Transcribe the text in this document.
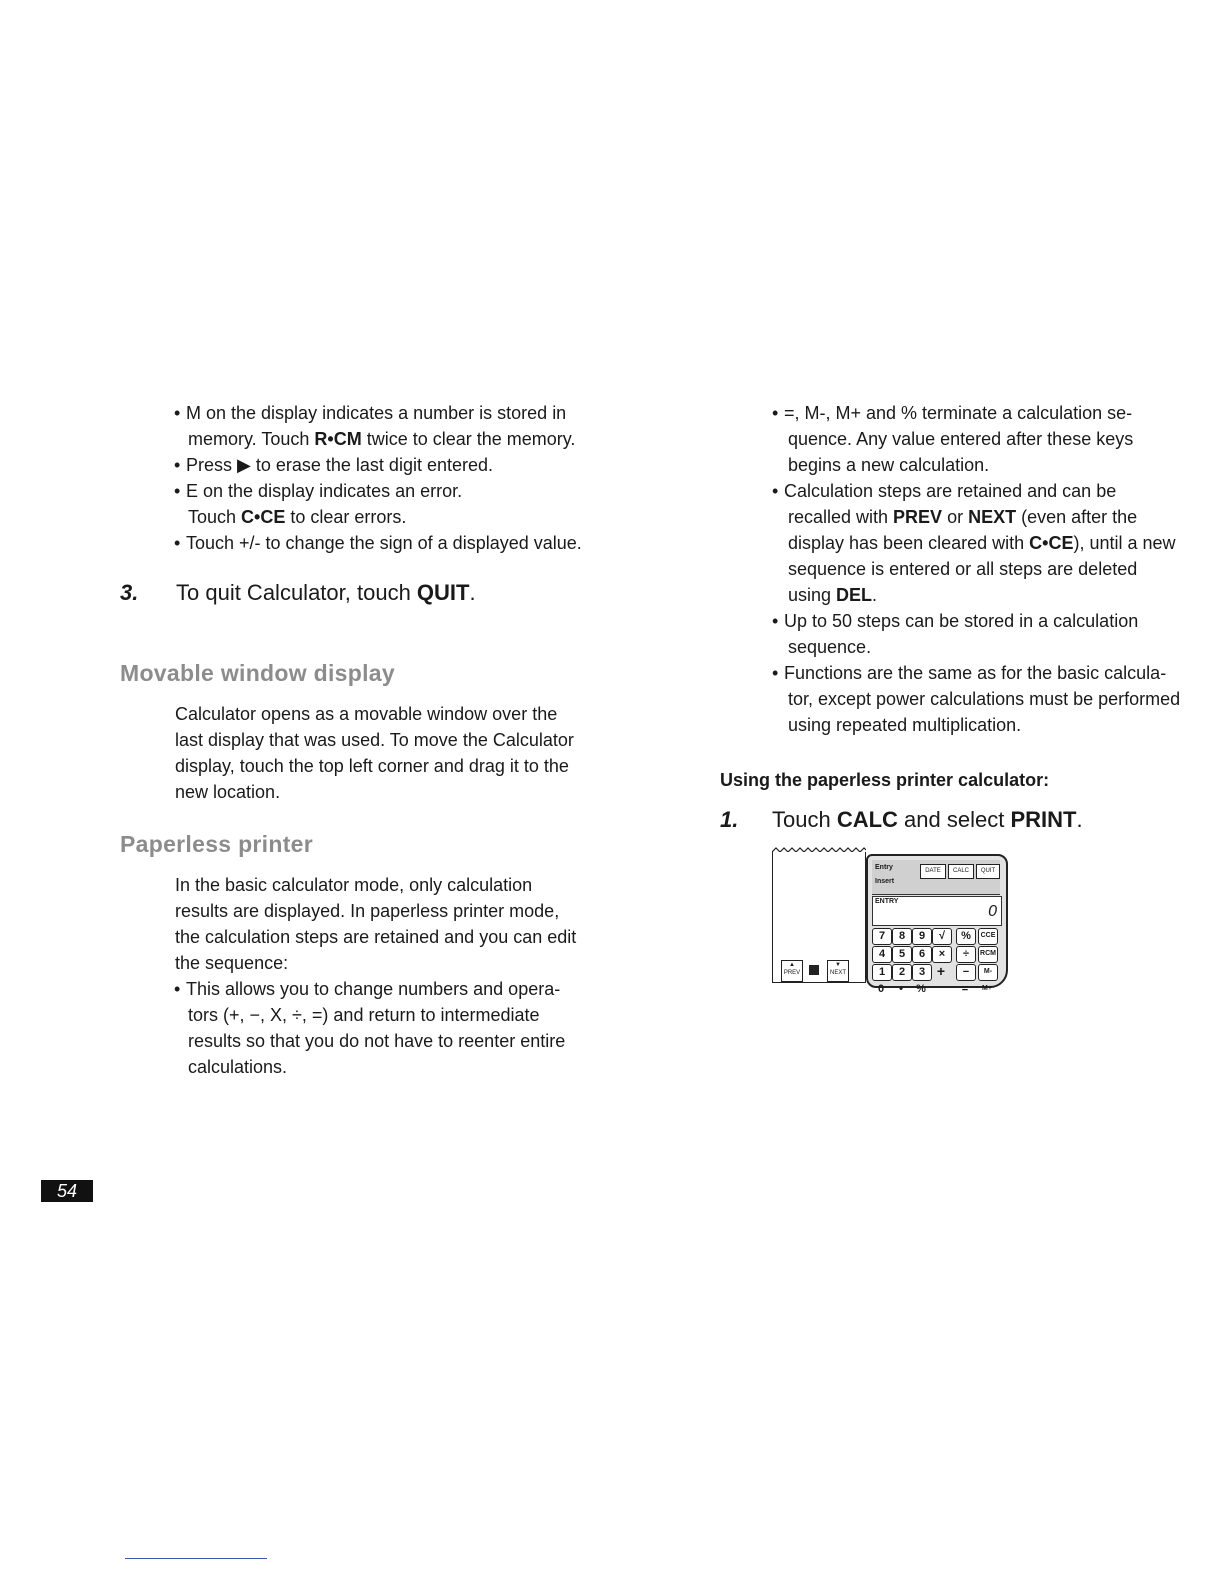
• M on the display indicates a number is stored in

memory. Touch R•CM twice to clear the memory.

• Press ▶ to erase the last digit entered.

• E on the display indicates an error.

Touch C•CE to clear errors.

• Touch +/- to change the sign of a displayed value.

3. To quit Calculator, touch QUIT.

Movable window display

Calculator opens as a movable window over the

last display that was used. To move the Calculator

display, touch the top left corner and drag it to the

new location.

Paperless printer

In the basic calculator mode, only calculation

results are displayed. In paperless printer mode,

the calculation steps are retained and you can edit

the sequence:

• This allows you to change numbers and opera-

tors (+, −, X, ÷, =) and return to intermediate

results so that you do not have to reenter entire

calculations.

• =, M-, M+ and % terminate a calculation se-

quence. Any value entered after these keys

begins a new calculation.

• Calculation steps are retained and can be

recalled with PREV or NEXT (even after the

display has been cleared with C•CE), until a new

sequence is entered or all steps are deleted

using DEL.

• Up to 50 steps can be stored in a calculation

sequence.

• Functions are the same as for the basic calcula-

tor, except power calculations must be performed

using repeated multiplication.

Using the paperless printer calculator:

1. Touch CALC and select PRINT.

▲
PREV
▼
NEXT
Entry
Insert
DATE	CALC	QUIT
ENTRY
0
7	8	9	√	%	CCE
4	5	6	×	÷	RCM
1	2	3 +	−	M-
0	•	%	=	M+
54
